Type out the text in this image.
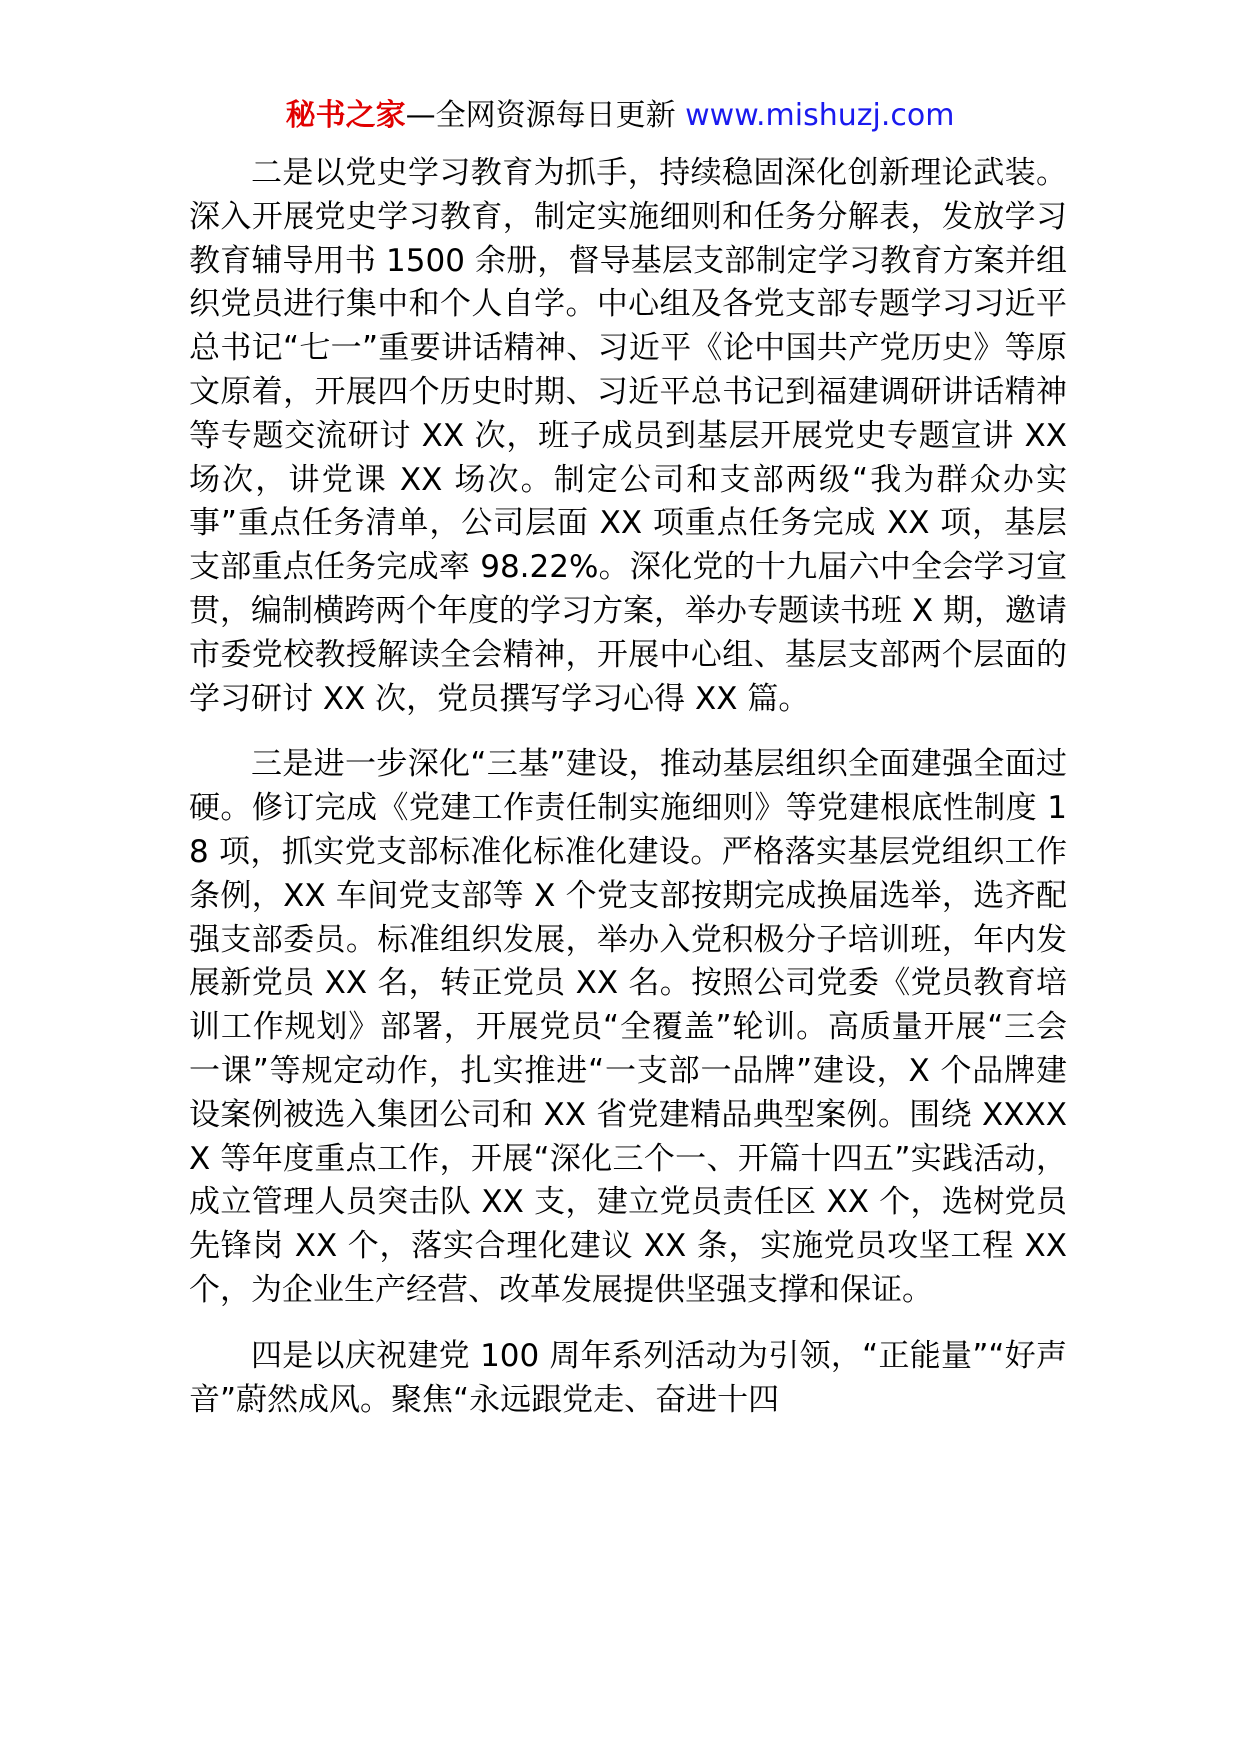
秘书之家—全网资源每日更新 www.mishuzj.com

二是以党史学习教育为抓手，持续稳固深化创新理论武装。深入开展党史学习教育，制定实施细则和任务分解表，发放学习教育辅导用书 1500 余册，督导基层支部制定学习教育方案并组织党员进行集中和个人自学。中心组及各党支部专题学习习近平总书记“七一”重要讲话精神、习近平《论中国共产党历史》等原文原着，开展四个历史时期、习近平总书记到福建调研讲话精神等专题交流研讨 XX 次，班子成员到基层开展党史专题宣讲 XX 场次，讲党课 XX 场次。制定公司和支部两级“我为群众办实事”重点任务清单，公司层面 XX 项重点任务完成 XX 项，基层支部重点任务完成率 98.22%。深化党的十九届六中全会学习宣贯，编制横跨两个年度的学习方案，举办专题读书班 X 期，邀请市委党校教授解读全会精神，开展中心组、基层支部两个层面的学习研讨 XX 次，党员撰写学习心得 XX 篇。

三是进一步深化“三基”建设，推动基层组织全面建强全面过硬。修订完成《党建工作责任制实施细则》等党建根底性制度 18 项，抓实党支部标准化标准化建设。严格落实基层党组织工作条例，XX 车间党支部等 X 个党支部按期完成换届选举，选齐配强支部委员。标准组织发展，举办入党积极分子培训班，年内发展新党员 XX 名，转正党员 XX 名。按照公司党委《党员教育培训工作规划》部署，开展党员“全覆盖”轮训。高质量开展“三会一课”等规定动作，扎实推进“一支部一品牌”建设，X 个品牌建设案例被选入集团公司和 XX 省党建精品典型案例。围绕 XXXXX 等年度重点工作，开展“深化三个一、开篇十四五”实践活动，成立管理人员突击队 XX 支，建立党员责任区 XX 个，选树党员先锋岗 XX 个，落实合理化建议 XX 条，实施党员攻坚工程 XX 个，为企业生产经营、改革发展提供坚强支撑和保证。

四是以庆祝建党 100 周年系列活动为引领，“正能量”“好声音”蔚然成风。聚焦“永远跟党走、奋进十四
